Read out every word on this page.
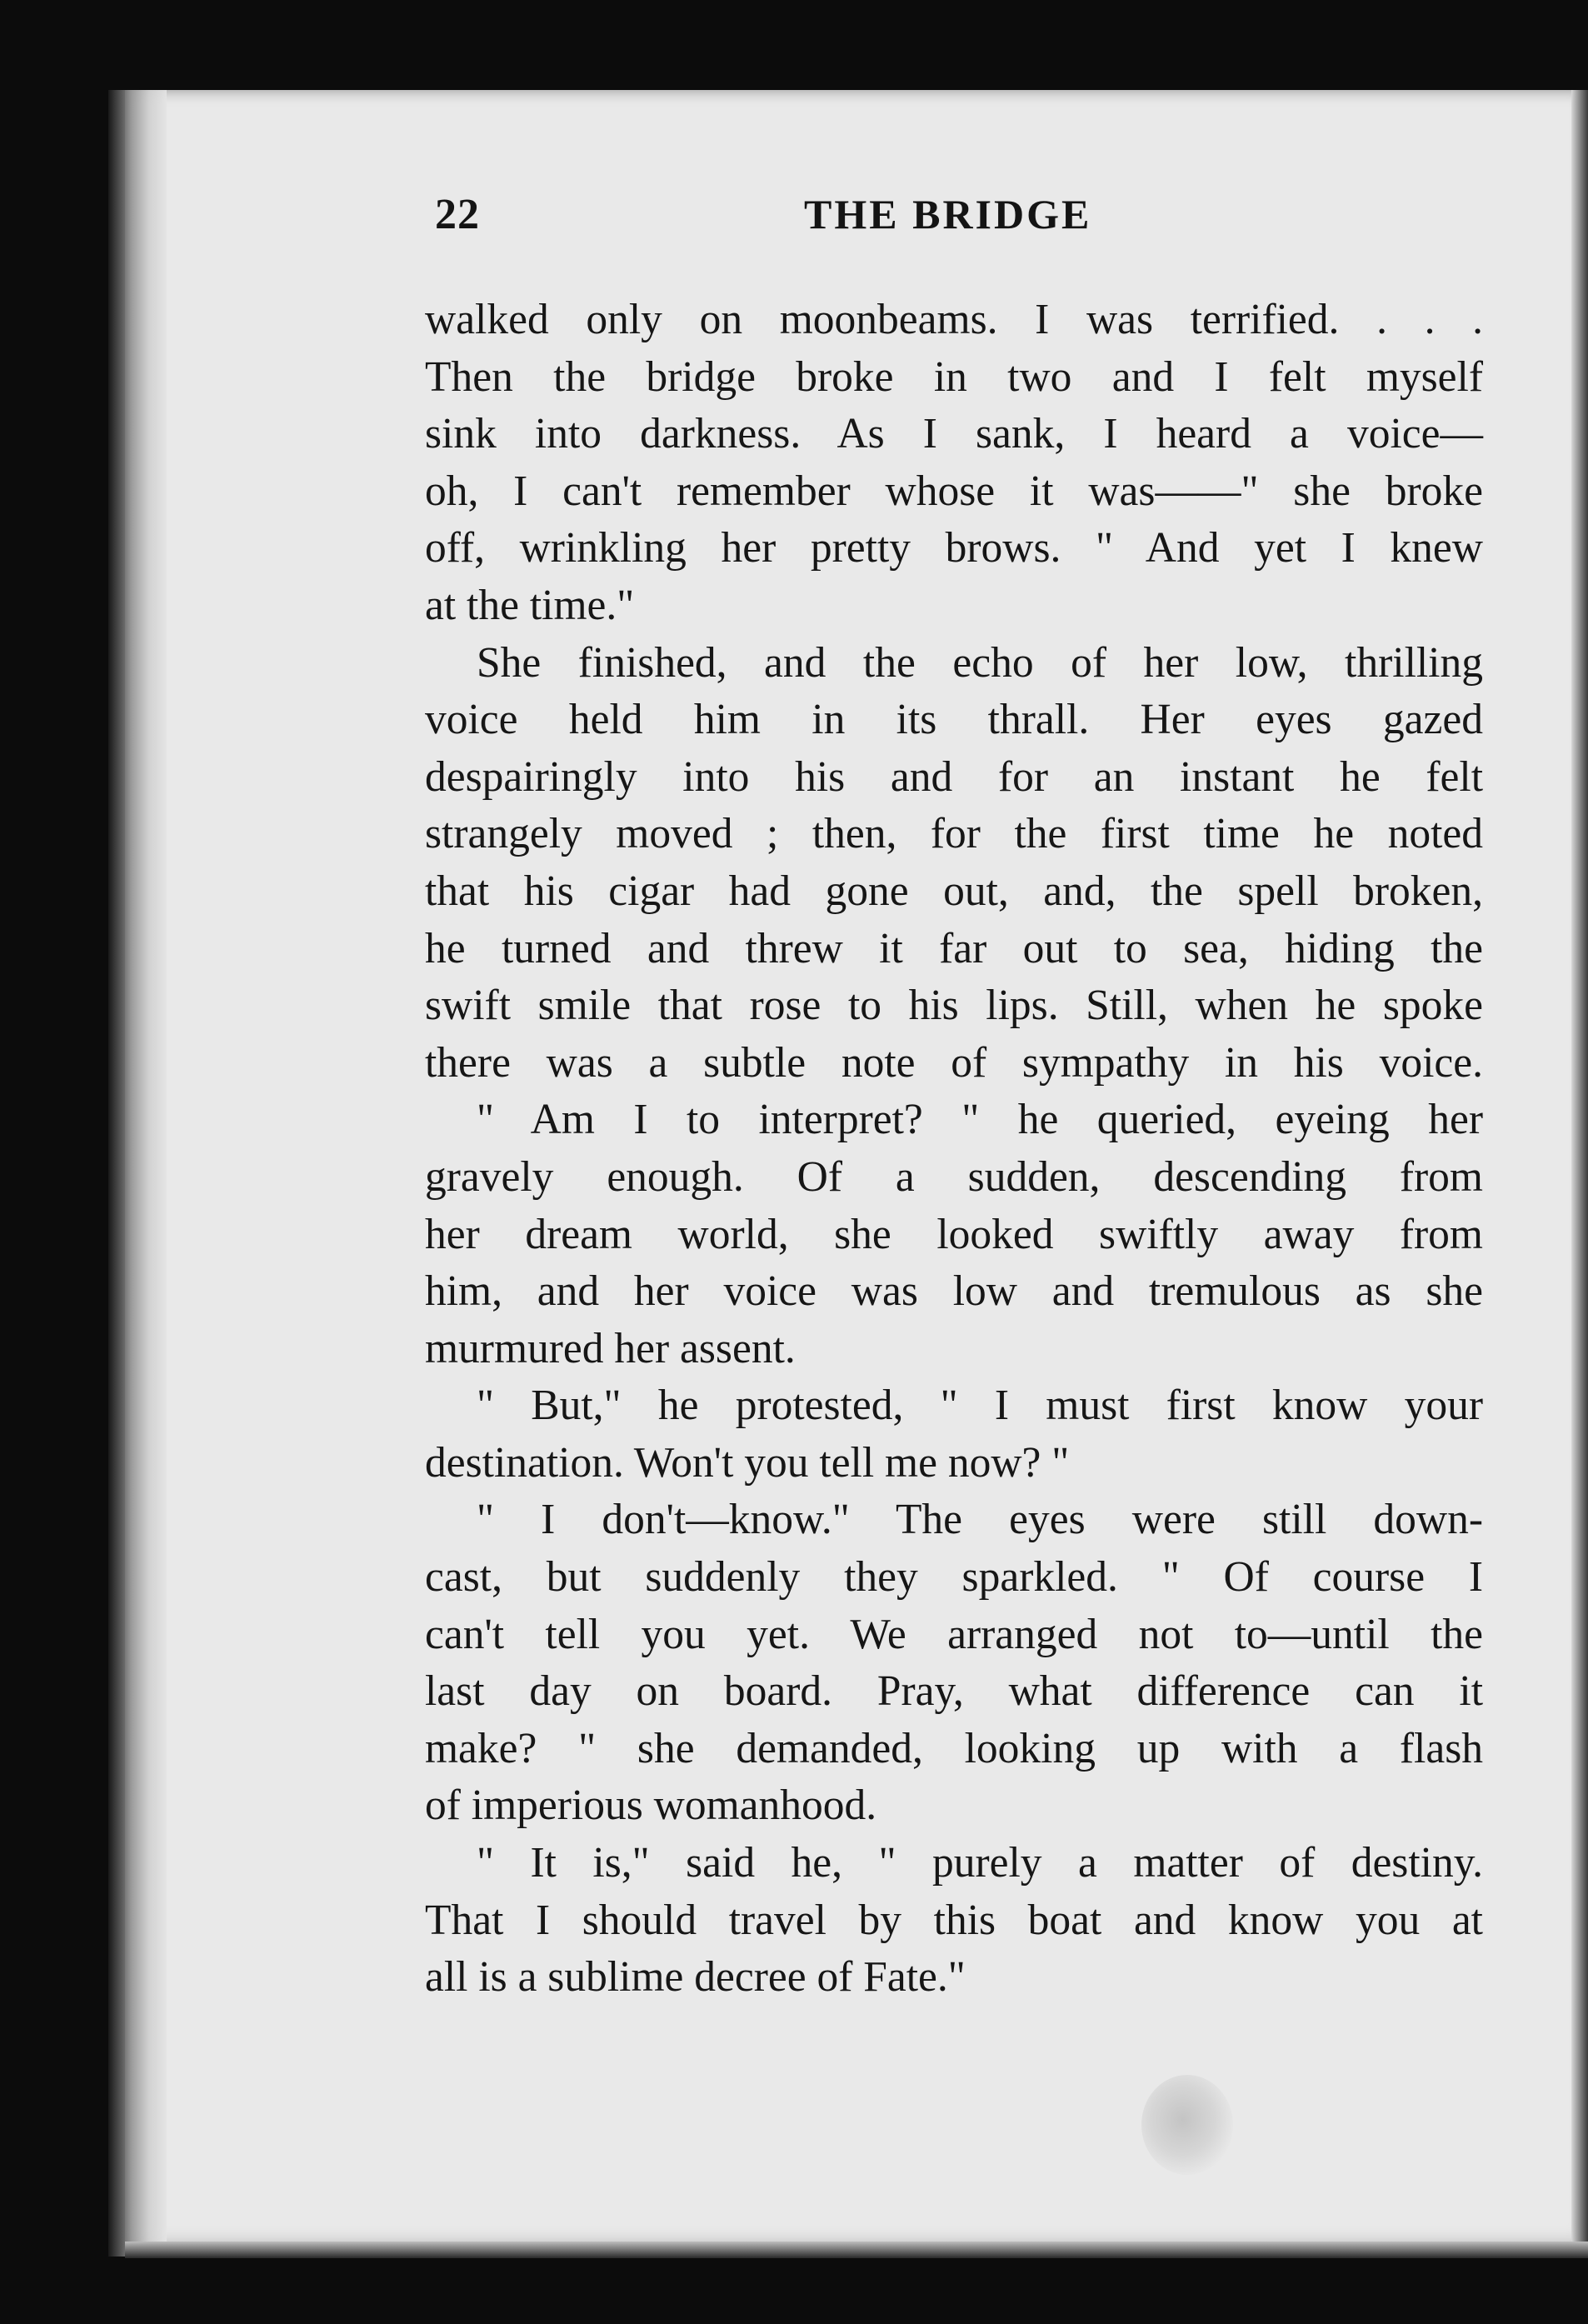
22	THE BRIDGE
walked only on moonbeams. I was terrified. . . .
Then the bridge broke in two and I felt myself
sink into darkness. As I sank, I heard a voice—
oh, I can't remember whose it was——" she broke
off, wrinkling her pretty brows. " And yet I knew
at the time."
She finished, and the echo of her low, thrilling
voice held him in its thrall. Her eyes gazed
despairingly into his and for an instant he felt
strangely moved ; then, for the first time he noted
that his cigar had gone out, and, the spell broken,
he turned and threw it far out to sea, hiding the
swift smile that rose to his lips. Still, when he spoke
there was a subtle note of sympathy in his voice.
" Am I to interpret? " he queried, eyeing her
gravely enough. Of a sudden, descending from
her dream world, she looked swiftly away from
him, and her voice was low and tremulous as she
murmured her assent.
" But," he protested, " I must first know your
destination. Won't you tell me now? "
" I don't—know." The eyes were still down-
cast, but suddenly they sparkled. " Of course I
can't tell you yet. We arranged not to—until the
last day on board. Pray, what difference can it
make? " she demanded, looking up with a flash
of imperious womanhood.
" It is," said he, " purely a matter of destiny.
That I should travel by this boat and know you at
all is a sublime decree of Fate."
